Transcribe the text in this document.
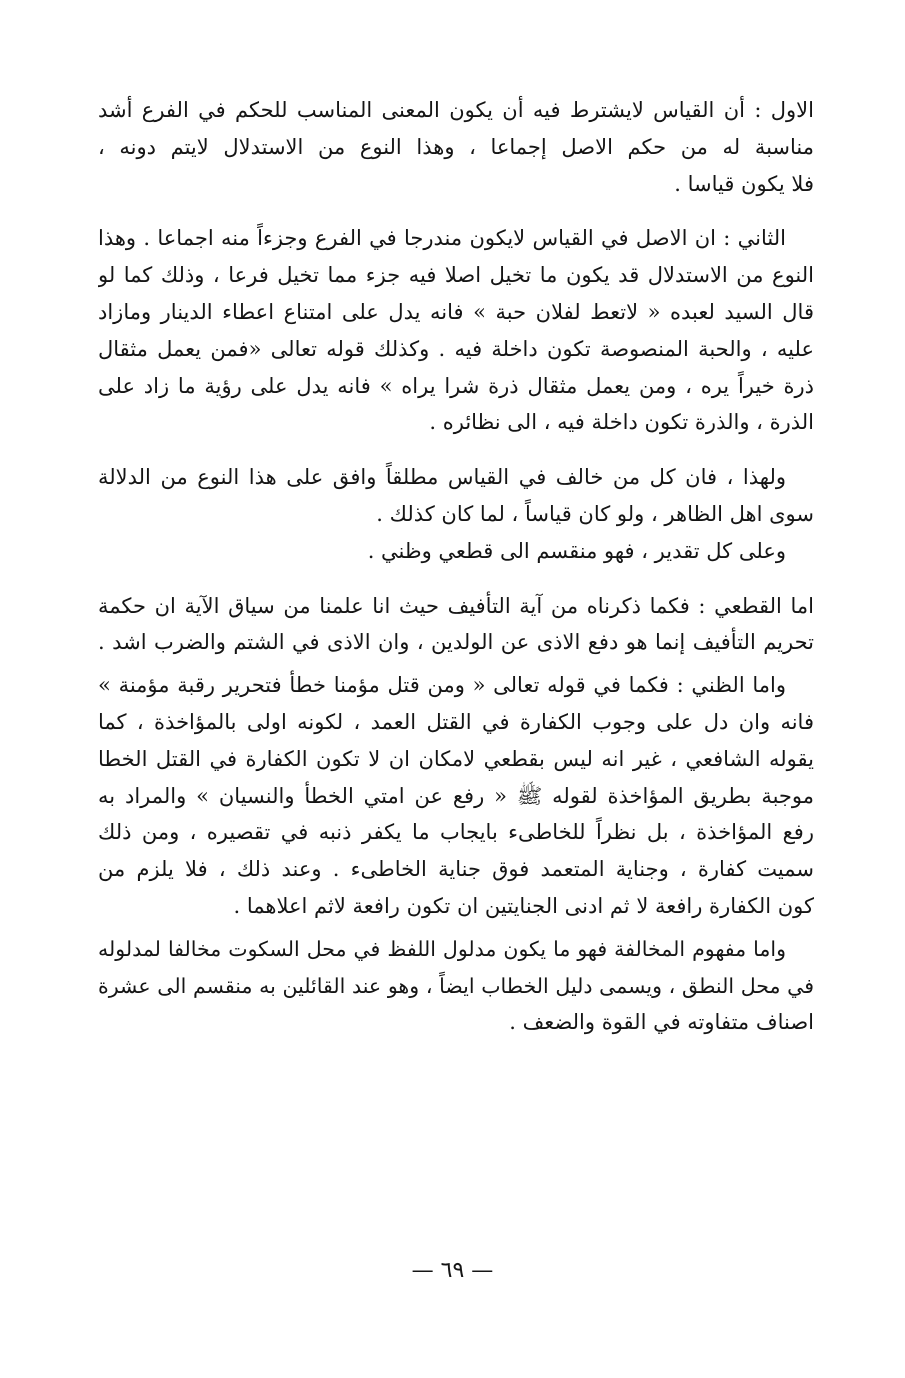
الاول : أن القياس لايشترط فيه أن يكون المعنى المناسب للحكم في الفرع أشد
مناسبة له من حكم الاصل إجماعا ، وهذا النوع من الاستدلال لايتم دونه ،
فلا يكون قياسا .
الثاني : ان الاصل في القياس لايكون مندرجا في الفرع وجزءاً منه اجماعا . وهذا
النوع من الاستدلال قد يكون ما تخيل اصلا فيه جزء مما تخيل فرعا ، وذلك كما لو
قال السيد لعبده « لاتعط لفلان حبة » فانه يدل على امتناع اعطاء الدينار ومازاد
عليه ، والحبة المنصوصة تكون داخلة فيه . وكذلك قوله تعالى «فمن يعمل مثقال
ذرة خيراً يره ، ومن يعمل مثقال ذرة شرا يراه » فانه يدل على رؤية ما زاد على
الذرة ، والذرة تكون داخلة فيه ، الى نظائره .
ولهذا ، فان كل من خالف في القياس مطلقاً وافق على هذا النوع من الدلالة
سوى اهل الظاهر ، ولو كان قياساً ، لما كان كذلك .
وعلى كل تقدير ، فهو منقسم الى قطعي وظني .
اما القطعي : فكما ذكرناه من آية التأفيف حيث انا علمنا من سياق الآية ان حكمة
تحريم التأفيف إنما هو دفع الاذى عن الولدين ، وان الاذى في الشتم والضرب اشد .
واما الظني : فكما في قوله تعالى « ومن قتل مؤمنا خطأ فتحرير رقبة مؤمنة »
فانه وان دل على وجوب الكفارة في القتل العمد ، لكونه اولى بالمؤاخذة ، كما
يقوله الشافعي ، غير انه ليس بقطعي لامكان ان لا تكون الكفارة في القتل الخطا
موجبة بطريق المؤاخذة لقوله ﷺ « رفع عن امتي الخطأ والنسيان » والمراد به
رفع المؤاخذة ، بل نظراً للخاطىء بايجاب ما يكفر ذنبه في تقصيره ، ومن ذلك
سميت كفارة ، وجناية المتعمد فوق جناية الخاطىء . وعند ذلك ، فلا يلزم من
كون الكفارة رافعة لا ثم ادنى الجنايتين ان تكون رافعة لاثم اعلاهما .
واما مفهوم المخالفة فهو ما يكون مدلول اللفظ في محل السكوت مخالفا لمدلوله
في محل النطق ، ويسمى دليل الخطاب ايضاً ، وهو عند القائلين به منقسم الى عشرة
اصناف متفاوته في القوة والضعف .
— ٦٩ —
